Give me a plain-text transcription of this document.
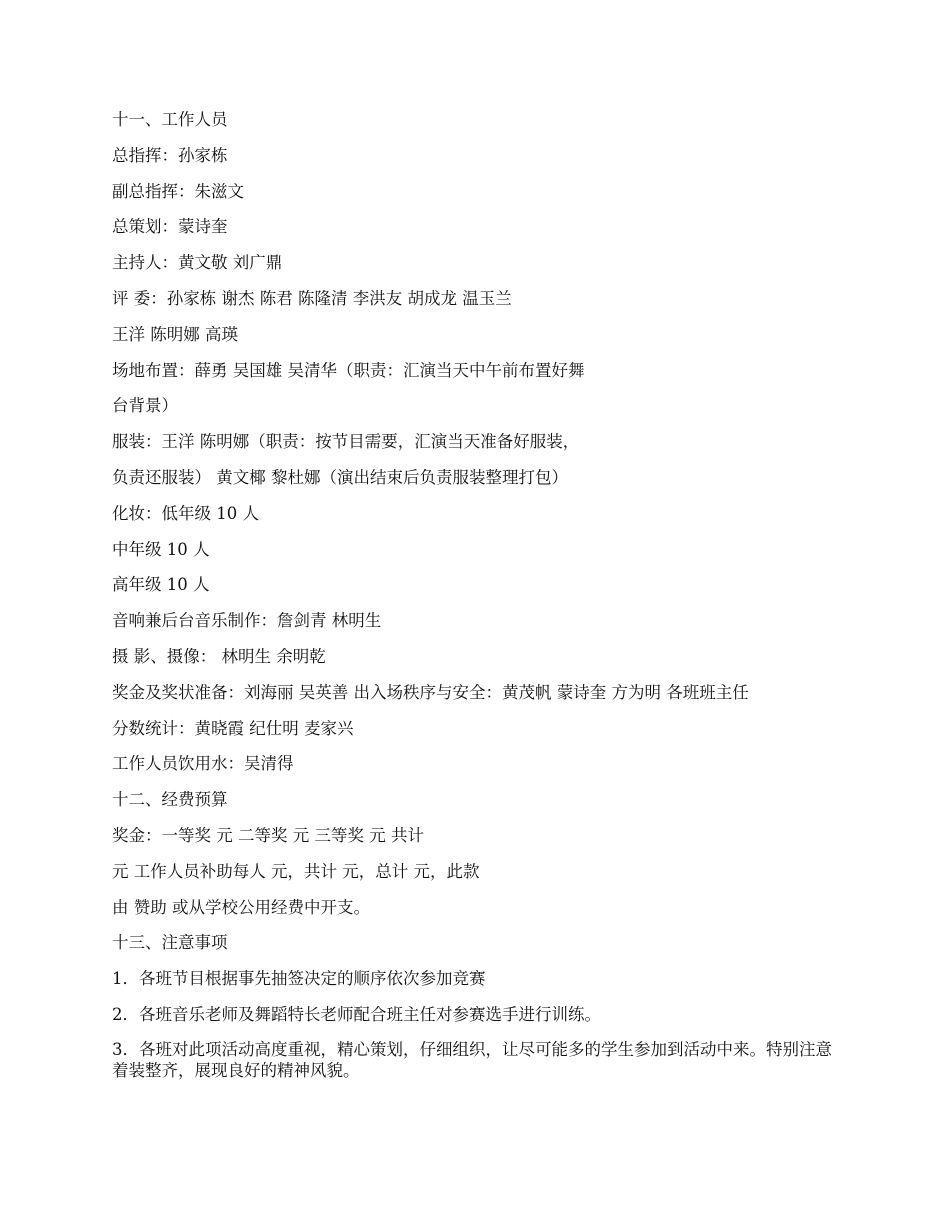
十一、工作人员
总指挥：孙家栋
副总指挥：朱滋文
总策划：蒙诗奎
主持人：黄文敬 刘广鼎
评 委：孙家栋 谢杰 陈君 陈隆清 李洪友 胡成龙 温玉兰
王洋 陈明娜 高瑛
场地布置：薛勇 吴国雄 吴清华（职责：汇演当天中午前布置好舞
台背景）
服装：王洋 陈明娜（职责：按节目需要，汇演当天准备好服装，
负责还服装） 黄文椰 黎杜娜（演出结束后负责服装整理打包）
化妆：低年级 10 人
中年级 10 人
高年级 10 人
音响兼后台音乐制作：詹剑青 林明生
摄 影、摄像： 林明生 余明乾
奖金及奖状准备：刘海丽 吴英善 出入场秩序与安全：黄茂帆 蒙诗奎 方为明 各班班主任
分数统计：黄晓霞 纪仕明 麦家兴
工作人员饮用水：吴清得
十二、经费预算
奖金：一等奖 元 二等奖 元 三等奖 元 共计
元 工作人员补助每人 元，共计 元，总计 元，此款
由 赞助 或从学校公用经费中开支。
十三、注意事项
1．各班节目根据事先抽签决定的顺序依次参加竞赛
2．各班音乐老师及舞蹈特长老师配合班主任对参赛选手进行训练。
3．各班对此项活动高度重视，精心策划，仔细组织，让尽可能多的学生参加到活动中来。特别注意着装整齐，展现良好的精神风貌。
